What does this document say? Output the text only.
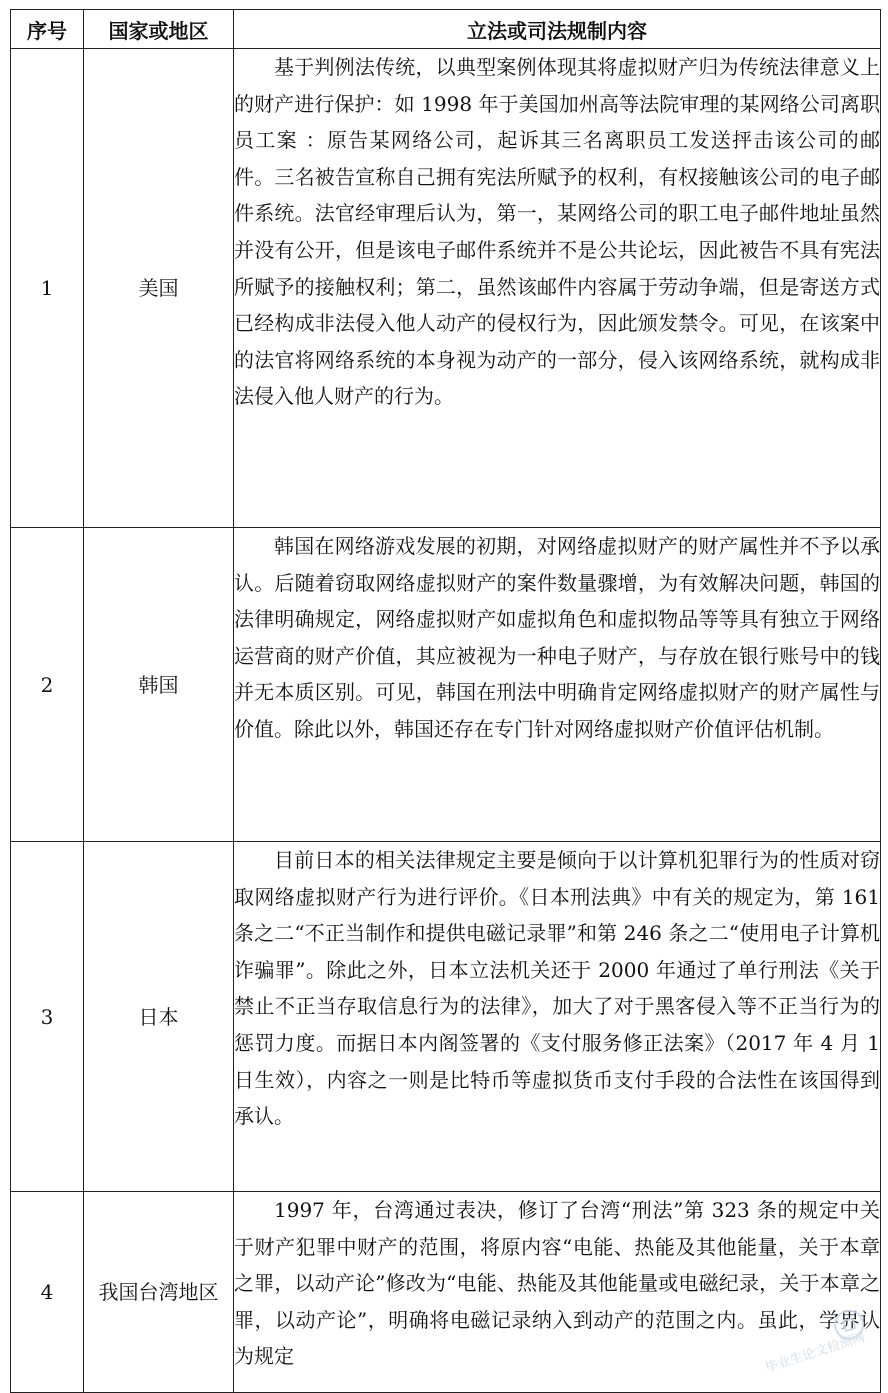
序号	国家或地区	立法或司法规制内容
1	美国	基于判例法传统，以典型案例体现其将虚拟财产归为传统法律意义上的财产进行保护：如 1998 年于美国加州高等法院审理的某网络公司离职员工案 ：原告某网络公司，起诉其三名离职员工发送抨击该公司的邮件。三名被告宣称自己拥有宪法所赋予的权利，有权接触该公司的电子邮件系统。法官经审理后认为，第一，某网络公司的职工电子邮件地址虽然并没有公开，但是该电子邮件系统并不是公共论坛，因此被告不具有宪法所赋予的接触权利；第二，虽然该邮件内容属于劳动争端，但是寄送方式已经构成非法侵入他人动产的侵权行为，因此颁发禁令。可见，在该案中的法官将网络系统的本身视为动产的一部分，侵入该网络系统，就构成非法侵入他人财产的行为。

2	韩国	韩国在网络游戏发展的初期，对网络虚拟财产的财产属性并不予以承认。后随着窃取网络虚拟财产的案件数量骤增，为有效解决问题，韩国的法律明确规定，网络虚拟财产如虚拟角色和虚拟物品等等具有独立于网络运营商的财产价值，其应被视为一种电子财产，与存放在银行账号中的钱并无本质区别。可见，韩国在刑法中明确肯定网络虚拟财产的财产属性与价值。除此以外，韩国还存在专门针对网络虚拟财产价值评估机制。

3	日本	目前日本的相关法律规定主要是倾向于以计算机犯罪行为的性质对窃取网络虚拟财产行为进行评价。《日本刑法典》中有关的规定为，第 161 条之二“不正当制作和提供电磁记录罪”和第 246 条之二“使用电子计算机诈骗罪”。除此之外，日本立法机关还于 2000 年通过了单行刑法《关于禁止不正当存取信息行为的法律》，加大了对于黑客侵入等不正当行为的惩罚力度。而据日本内阁签署的《支付服务修正法案》（2017 年 4 月 1 日生效），内容之一则是比特币等虚拟货币支付手段的合法性在该国得到承认。

4	我国台湾地区	1997 年，台湾通过表决，修订了台湾“刑法”第 323 条的规定中关于财产犯罪中财产的范围，将原内容“电能、热能及其他能量，关于本章之罪，以动产论”修改为“电能、热能及其他能量或电磁纪录，关于本章之罪，以动产论”，明确将电磁记录纳入到动产的范围之内。虽此，学界认为规定	毕业生论文检测网
